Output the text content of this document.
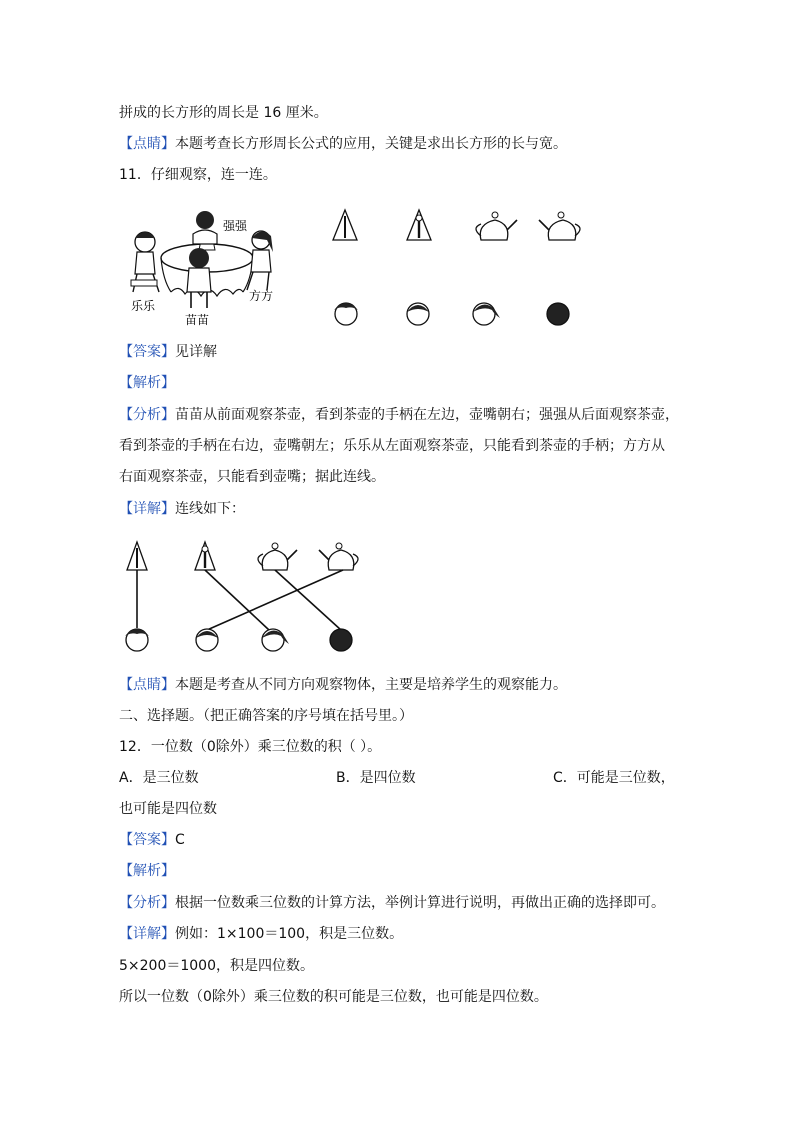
拼成的长方形的周长是 16 厘米。
【点睛】本题考查长方形周长公式的应用，关键是求出长方形的长与宽。
11．仔细观察，连一连。
强强
乐乐
方方
苗苗
【答案】见详解
【解析】
【分析】苗苗从前面观察茶壶，看到茶壶的手柄在左边，壶嘴朝右；强强从后面观察茶壶，
看到茶壶的手柄在右边，壶嘴朝左；乐乐从左面观察茶壶，只能看到茶壶的手柄；方方从
右面观察茶壶，只能看到壶嘴；据此连线。
【详解】连线如下：
【点睛】本题是考查从不同方向观察物体，主要是培养学生的观察能力。
二、选择题。（把正确答案的序号填在括号里。）
12．一位数（0除外）乘三位数的积（ ）。
A．是三位数	B．是四位数	C．可能是三位数，
也可能是四位数
【答案】C
【解析】
【分析】根据一位数乘三位数的计算方法，举例计算进行说明，再做出正确的选择即可。
【详解】例如：1×100＝100，积是三位数。
5×200＝1000，积是四位数。
所以一位数（0除外）乘三位数的积可能是三位数，也可能是四位数。
